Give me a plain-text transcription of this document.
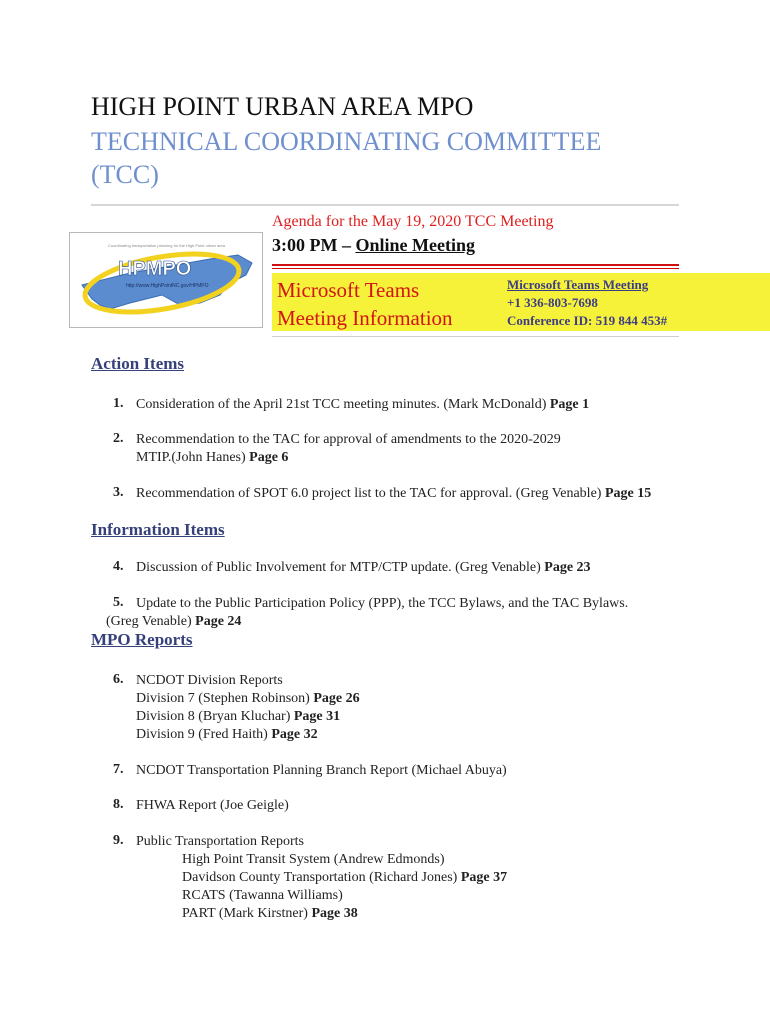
HIGH POINT URBAN AREA MPO
TECHNICAL COORDINATING COMMITTEE
(TCC)
HPMPO
http://www.HighPointNC.gov/HPMPO
Coordinating transportation planning for the High Point urban area
Agenda for the May 19, 2020 TCC Meeting
3:00 PM – Online Meeting
Microsoft Teams
Meeting Information
Microsoft Teams Meeting
+1 336-803-7698
Conference ID: 519 844 453#
Action Items
1. Consideration of the April 21st TCC meeting minutes. (Mark McDonald) Page 1
2. Recommendation to the TAC for approval of amendments to the 2020-2029
MTIP.(John Hanes) Page 6
3. Recommendation of SPOT 6.0 project list to the TAC for approval. (Greg Venable) Page 15
Information Items
4. Discussion of Public Involvement for MTP/CTP update. (Greg Venable) Page 23
5. Update to the Public Participation Policy (PPP), the TCC Bylaws, and the TAC Bylaws.
(Greg Venable) Page 24
MPO Reports
6. NCDOT Division Reports
Division 7 (Stephen Robinson) Page 26
Division 8 (Bryan Kluchar) Page 31
Division 9 (Fred Haith) Page 32
7. NCDOT Transportation Planning Branch Report (Michael Abuya)
8. FHWA Report (Joe Geigle)
9. Public Transportation Reports
High Point Transit System (Andrew Edmonds)
Davidson County Transportation (Richard Jones) Page 37
RCATS (Tawanna Williams)
PART (Mark Kirstner) Page 38
